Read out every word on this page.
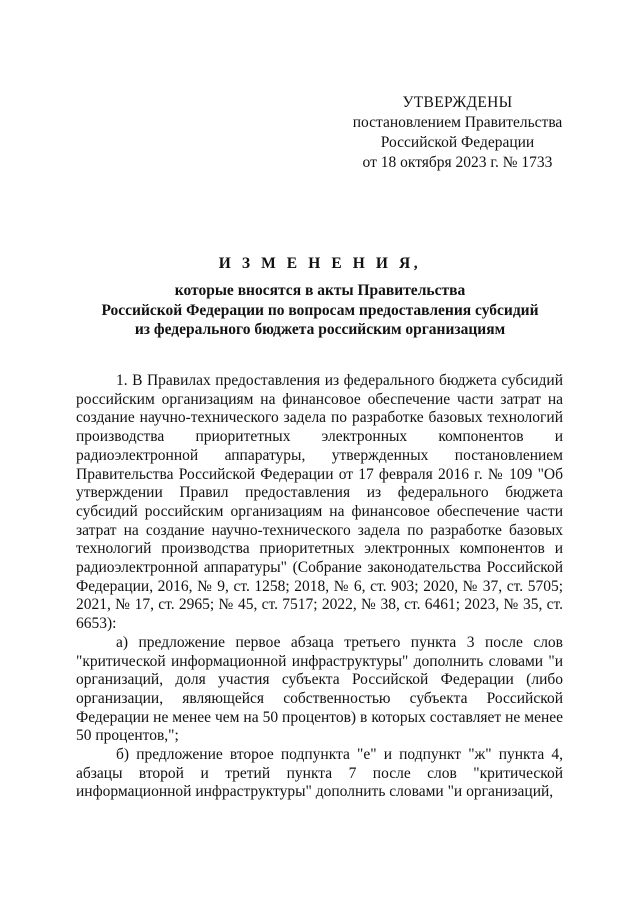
УТВЕРЖДЕНЫ
постановлением Правительства
Российской Федерации
от 18 октября 2023 г. № 1733
И З М Е Н Е Н И Я,
которые вносятся в акты Правительства
Российской Федерации по вопросам предоставления субсидий
из федерального бюджета российским организациям

1. В Правилах предоставления из федерального бюджета субсидий российским организациям на финансовое обеспечение части затрат на создание научно-технического задела по разработке базовых технологий производства приоритетных электронных компонентов и радиоэлектронной аппаратуры, утвержденных постановлением Правительства Российской Федерации от 17 февраля 2016 г. № 109 "Об утверждении Правил предоставления из федерального бюджета субсидий российским организациям на финансовое обеспечение части затрат на создание научно-технического задела по разработке базовых технологий производства приоритетных электронных компонентов и радиоэлектронной аппаратуры" (Собрание законодательства Российской Федерации, 2016, № 9, ст. 1258; 2018, № 6, ст. 903; 2020, № 37, ст. 5705; 2021, № 17, ст. 2965; № 45, ст. 7517; 2022, № 38, ст. 6461; 2023, № 35, ст. 6653):

а) предложение первое абзаца третьего пункта 3 после слов "критической информационной инфраструктуры" дополнить словами "и организаций, доля участия субъекта Российской Федерации (либо организации, являющейся собственностью субъекта Российской Федерации не менее чем на 50 процентов) в которых составляет не менее 50 процентов,";

б) предложение второе подпункта "е" и подпункт "ж" пункта 4, абзацы второй и третий пункта 7 после слов "критической информационной инфраструктуры" дополнить словами "и организаций,
